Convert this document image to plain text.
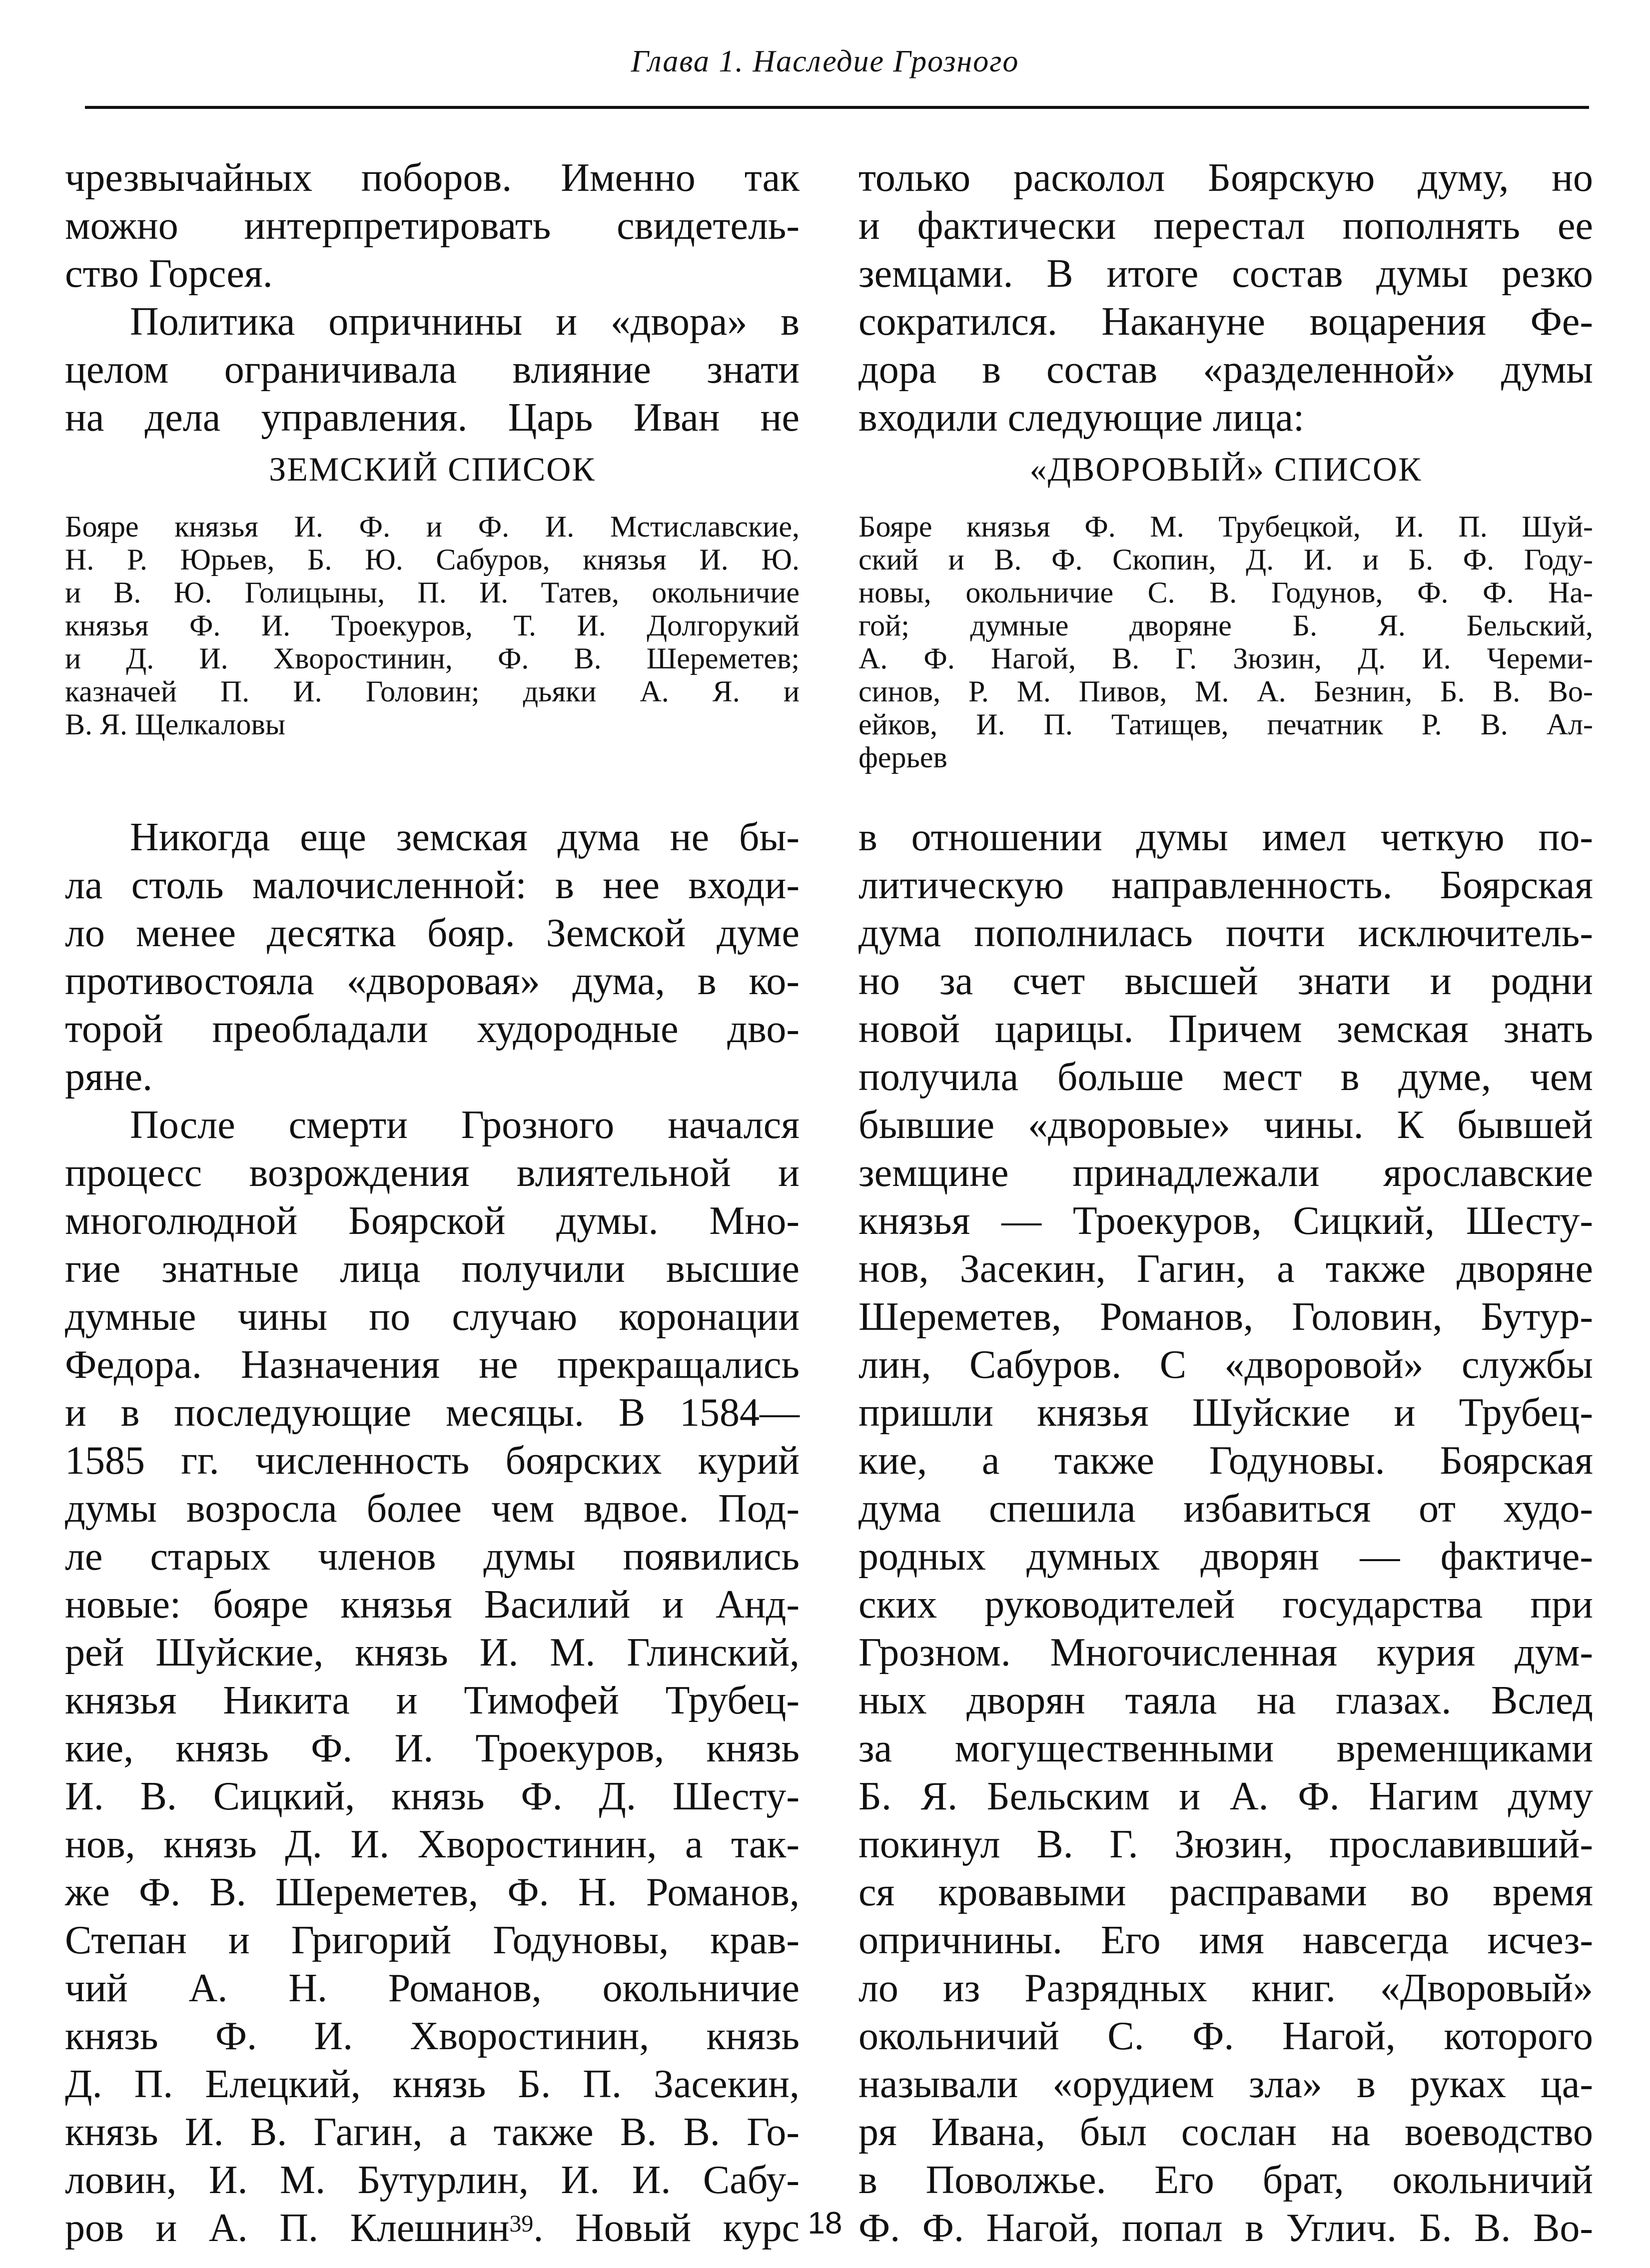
Глава 1. Наследие Грозного

чрезвычайных поборов. Именно так
можно интерпретировать свидетель-
ство Горсея.

Политика опричнины и «двора» в
целом ограничивала влияние знати
на дела управления. Царь Иван не

ЗЕМСКИЙ СПИСОК

Бояре князья И. Ф. и Ф. И. Мстиславские,
Н. Р. Юрьев, Б. Ю. Сабуров, князья И. Ю.
и В. Ю. Голицыны, П. И. Татев, окольничие
князья Ф. И. Троекуров, Т. И. Долгорукий
и Д. И. Хворостинин, Ф. В. Шереметев;
казначей П. И. Головин; дьяки А. Я. и
В. Я. Щелкаловы

Никогда еще земская дума не бы-
ла столь малочисленной: в нее входи-
ло менее десятка бояр. Земской думе
противостояла «дворовая» дума, в ко-
торой преобладали худородные дво-
ряне.

После смерти Грозного начался
процесс возрождения влиятельной и
многолюдной Боярской думы. Мно-
гие знатные лица получили высшие
думные чины по случаю коронации
Федора. Назначения не прекращались
и в последующие месяцы. В 1584—
1585 гг. численность боярских курий
думы возросла более чем вдвое. Под-
ле старых членов думы появились
новые: бояре князья Василий и Анд-
рей Шуйские, князь И. М. Глинский,
князья Никита и Тимофей Трубец-
кие, князь Ф. И. Троекуров, князь
И. В. Сицкий, князь Ф. Д. Шесту-
нов, князь Д. И. Хворостинин, а так-
же Ф. В. Шереметев, Ф. Н. Романов,
Степан и Григорий Годуновы, крав-
чий А. Н. Романов, окольничие
князь Ф. И. Хворостинин, князь
Д. П. Елецкий, князь Б. П. Засекин,
князь И. В. Гагин, а также В. В. Го-
ловин, И. М. Бутурлин, И. И. Сабу-
ров и А. П. Клешнин$^{39}$. Новый курс

только расколол Боярскую думу, но
и фактически перестал пополнять ее
земцами. В итоге состав думы резко
сократился. Накануне воцарения Фе-
дора в состав «разделенной» думы
входили следующие лица:

«ДВОРОВЫЙ» СПИСОК

Бояре князья Ф. М. Трубецкой, И. П. Шуй-
ский и В. Ф. Скопин, Д. И. и Б. Ф. Году-
новы, окольничие С. В. Годунов, Ф. Ф. На-
гой; думные дворяне Б. Я. Бельский,
А. Ф. Нагой, В. Г. Зюзин, Д. И. Череми-
синов, Р. М. Пивов, М. А. Безнин, Б. В. Во-
ейков, И. П. Татищев, печатник Р. В. Ал-
ферьев

в отношении думы имел четкую по-
литическую направленность. Боярская
дума пополнилась почти исключитель-
но за счет высшей знати и родни
новой царицы. Причем земская знать
получила больше мест в думе, чем
бывшие «дворовые» чины. К бывшей
земщине принадлежали ярославские
князья — Троекуров, Сицкий, Шесту-
нов, Засекин, Гагин, а также дворяне
Шереметев, Романов, Головин, Бутур-
лин, Сабуров. С «дворовой» службы
пришли князья Шуйские и Трубец-
кие, а также Годуновы. Боярская
дума спешила избавиться от худо-
родных думных дворян — фактиче-
ских руководителей государства при
Грозном. Многочисленная курия дум-
ных дворян таяла на глазах. Вслед
за могущественными временщиками
Б. Я. Бельским и А. Ф. Нагим думу
покинул В. Г. Зюзин, прославивший-
ся кровавыми расправами во время
опричнины. Его имя навсегда исчез-
ло из Разрядных книг. «Дворовый»
окольничий С. Ф. Нагой, которого
называли «орудием зла» в руках ца-
ря Ивана, был сослан на воеводство
в Поволжье. Его брат, окольничий
Ф. Ф. Нагой, попал в Углич. Б. В. Во-

18
